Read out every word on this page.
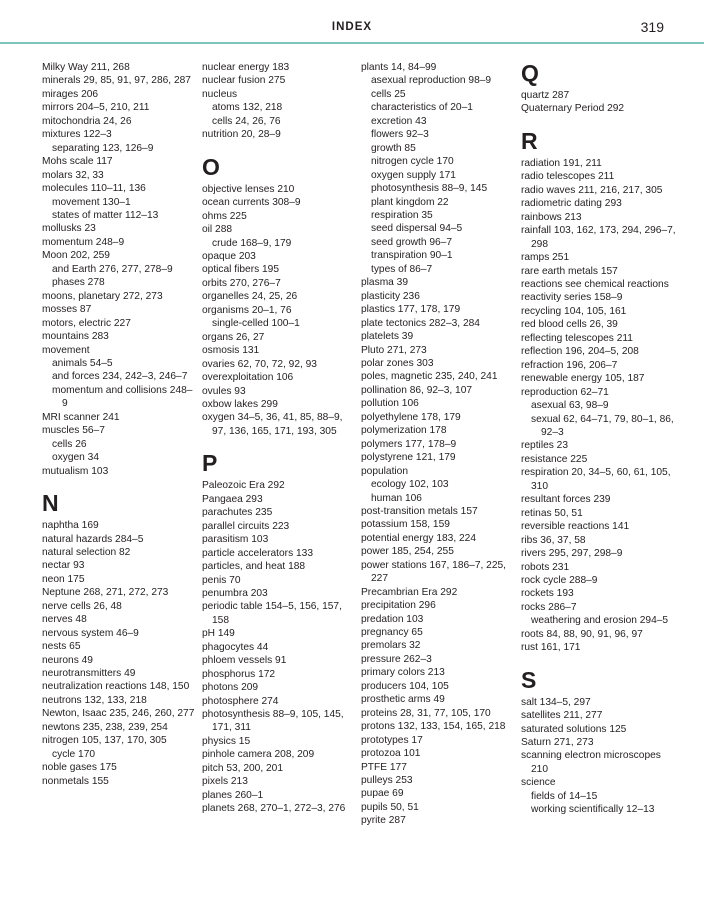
INDEX	319
Milky Way 211, 268
minerals 29, 85, 91, 97, 286, 287
mirages 206
mirrors 204–5, 210, 211
mitochondria 24, 26
mixtures 122–3
separating 123, 126–9
Mohs scale 117
molars 32, 33
molecules 110–11, 136
movement 130–1
states of matter 112–13
mollusks 23
momentum 248–9
Moon 202, 259
and Earth 276, 277, 278–9
phases 278
moons, planetary 272, 273
mosses 87
motors, electric 227
mountains 283
movement
animals 54–5
and forces 234, 242–3, 246–7
momentum and collisions 248–9
MRI scanner 241
muscles 56–7
cells 26
oxygen 34
mutualism 103
N
naphtha 169
natural hazards 284–5
natural selection 82
nectar 93
neon 175
Neptune 268, 271, 272, 273
nerve cells 26, 48
nerves 48
nervous system 46–9
nests 65
neurons 49
neurotransmitters 49
neutralization reactions 148, 150
neutrons 132, 133, 218
Newton, Isaac 235, 246, 260, 277
newtons 235, 238, 239, 254
nitrogen 105, 137, 170, 305
cycle 170
noble gases 175
nonmetals 155
nuclear energy 183
nuclear fusion 275
nucleus
atoms 132, 218
cells 24, 26, 76
nutrition 20, 28–9
O
objective lenses 210
ocean currents 308–9
ohms 225
oil 288
crude 168–9, 179
opaque 203
optical fibers 195
orbits 270, 276–7
organelles 24, 25, 26
organisms 20–1, 76
single-celled 100–1
organs 26, 27
osmosis 131
ovaries 62, 70, 72, 92, 93
overexploitation 106
ovules 93
oxbow lakes 299
oxygen 34–5, 36, 41, 85, 88–9, 97, 136, 165, 171, 193, 305
P
Paleozoic Era 292
Pangaea 293
parachutes 235
parallel circuits 223
parasitism 103
particle accelerators 133
particles, and heat 188
penis 70
penumbra 203
periodic table 154–5, 156, 157, 158
pH 149
phagocytes 44
phloem vessels 91
phosphorus 172
photons 209
photosphere 274
photosynthesis 88–9, 105, 145, 171, 311
physics 15
pinhole camera 208, 209
pitch 53, 200, 201
pixels 213
planes 260–1
planets 268, 270–1, 272–3, 276
plants 14, 84–99
asexual reproduction 98–9
cells 25
characteristics of 20–1
excretion 43
flowers 92–3
growth 85
nitrogen cycle 170
oxygen supply 171
photosynthesis 88–9, 145
plant kingdom 22
respiration 35
seed dispersal 94–5
seed growth 96–7
transpiration 90–1
types of 86–7
plasma 39
plasticity 236
plastics 177, 178, 179
plate tectonics 282–3, 284
platelets 39
Pluto 271, 273
polar zones 303
poles, magnetic 235, 240, 241
pollination 86, 92–3, 107
pollution 106
polyethylene 178, 179
polymerization 178
polymers 177, 178–9
polystyrene 121, 179
population
ecology 102, 103
human 106
post-transition metals 157
potassium 158, 159
potential energy 183, 224
power 185, 254, 255
power stations 167, 186–7, 225, 227
Precambrian Era 292
precipitation 296
predation 103
pregnancy 65
premolars 32
pressure 262–3
primary colors 213
producers 104, 105
prosthetic arms 49
proteins 28, 31, 77, 105, 170
protons 132, 133, 154, 165, 218
prototypes 17
protozoa 101
PTFE 177
pulleys 253
pupae 69
pupils 50, 51
pyrite 287
Q
quartz 287
Quaternary Period 292
R
radiation 191, 211
radio telescopes 211
radio waves 211, 216, 217, 305
radiometric dating 293
rainbows 213
rainfall 103, 162, 173, 294, 296–7, 298
ramps 251
rare earth metals 157
reactions see chemical reactions
reactivity series 158–9
recycling 104, 105, 161
red blood cells 26, 39
reflecting telescopes 211
reflection 196, 204–5, 208
refraction 196, 206–7
renewable energy 105, 187
reproduction 62–71
asexual 63, 98–9
sexual 62, 64–71, 79, 80–1, 86, 92–3
reptiles 23
resistance 225
respiration 20, 34–5, 60, 61, 105, 310
resultant forces 239
retinas 50, 51
reversible reactions 141
ribs 36, 37, 58
rivers 295, 297, 298–9
robots 231
rock cycle 288–9
rockets 193
rocks 286–7
weathering and erosion 294–5
roots 84, 88, 90, 91, 96, 97
rust 161, 171
S
salt 134–5, 297
satellites 211, 277
saturated solutions 125
Saturn 271, 273
scanning electron microscopes 210
science
fields of 14–15
working scientifically 12–13
